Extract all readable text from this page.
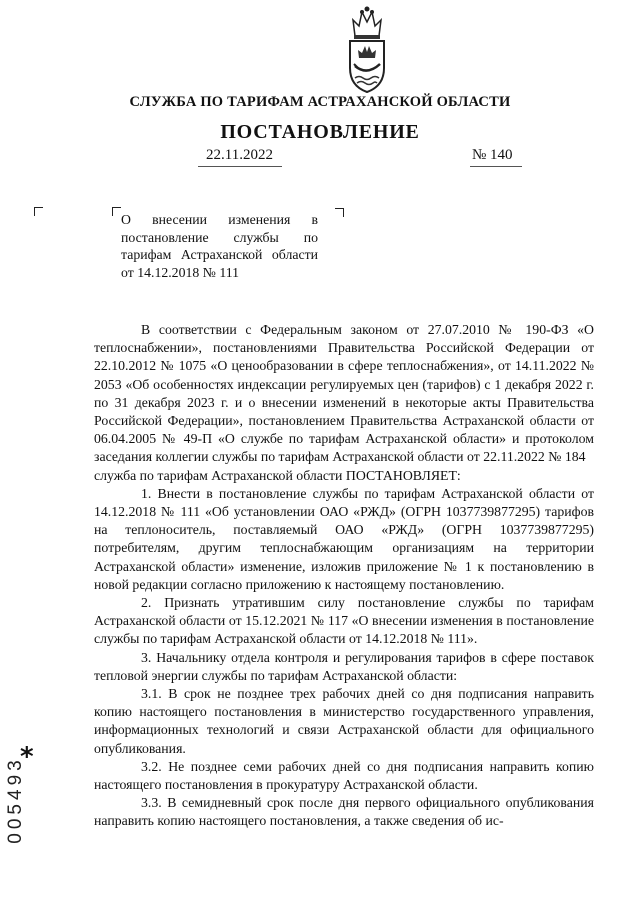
СЛУЖБА ПО ТАРИФАМ АСТРАХАНСКОЙ ОБЛАСТИ
ПОСТАНОВЛЕНИЕ
22.11.2022	№ 140
О внесении изменения в постановление службы по тарифам Астраханской области от 14.12.2018 № 111

В соответствии с Федеральным законом от 27.07.2010 № 190-ФЗ «О теплоснабжении», постановлениями Правительства Российской Федерации от 22.10.2012 № 1075 «О ценообразовании в сфере теплоснабжения», от 14.11.2022 № 2053 «Об особенностях индексации регулируемых цен (тарифов) с 1 декабря 2022 г. по 31 декабря 2023 г. и о внесении изменений в некоторые акты Правительства Российской Федерации», постановлением Правительства Астраханской области от 06.04.2005 № 49-П «О службе по тарифам Астраханской области» и протоколом заседания коллегии службы по тарифам Астраханской области от 22.11.2022 № 184

служба по тарифам Астраханской области ПОСТАНОВЛЯЕТ:

1. Внести в постановление службы по тарифам Астраханской области от 14.12.2018 № 111 «Об установлении ОАО «РЖД» (ОГРН 1037739877295) тарифов на теплоноситель, поставляемый ОАО «РЖД» (ОГРН 1037739877295) потребителям, другим теплоснабжающим организациям на территории Астраханской области» изменение, изложив приложение № 1 к постановлению в новой редакции согласно приложению к настоящему постановлению.

2. Признать утратившим силу постановление службы по тарифам Астраханской области от 15.12.2021 № 117 «О внесении изменения в постановление службы по тарифам Астраханской области от 14.12.2018 № 111».

3. Начальнику отдела контроля и регулирования тарифов в сфере поставок тепловой энергии службы по тарифам Астраханской области:

3.1. В срок не позднее трех рабочих дней со дня подписания направить копию настоящего постановления в министерство государственного управления, информационных технологий и связи Астраханской области для официального опубликования.

3.2. Не позднее семи рабочих дней со дня подписания направить копию настоящего постановления в прокуратуру Астраханской области.

3.3. В семидневный срок после дня первого официального опубликования направить копию настоящего постановления, а также сведения об ис-

*
005493
